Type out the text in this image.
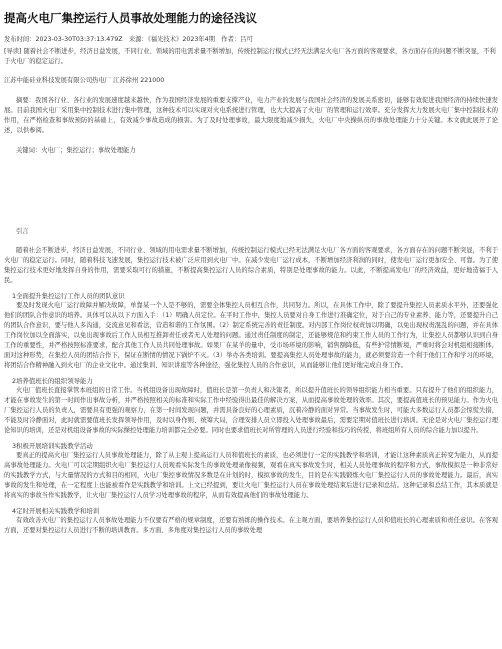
提高火电厂集控运行人员事故处理能力的途径浅议
发布时间：2023-03-30T03:37:13.479Z　来源：《福光技术》2023年4期　作者：吕可
[导读] 随着社会不断进步，经济日益发展，不同行业、领域的用电需求量不断增加，传统控制运行模式已经无法满足火电厂各方面的客观要求，各方面存在的问题不断突显，不利于火电厂的稳定运行。
江苏中能硅业科技发展有限公司热电厂 江苏徐州 221000

摘要：我国各行业、各行业的发展速度越来越快，作为我国经济发展的重要支撑产业，电力产业的发展与我国社会经济的发展关系密切，能够有效促进我国经济的持续快速发展。目前我国火电厂采用集中控制技术进行集中管理，这种技术可以实现对火电系统进行管理，也大大提高了火电厂的管理和运行效率。充分发挥大力发展火电厂集中控制技术的作用，在严格检查和事故预防的基础上，有效减少事故造成的损害。为了及时处理事故，最大限度地减少损失，火电厂中央操纵员的事故处理能力十分关键。本文就此展开了论述，以供参阅。

关键词：火电厂；集控运行；事故处理能力

引言

随着社会不断进步，经济日益发展，不同行业、领域的用电需求量不断增加，传统控制运行模式已经无法满足火电厂各方面的客观要求，各方面存在的问题不断突显，不利于火电厂的稳定运行。同时，随着科技飞速发展，集控运行技术被广泛应用到火电厂中。在减少发电厂运行成本，不断增加经济利润的同时，使发电厂运行更加安全、可靠。为了使集控运行技术更好地发挥自身的作用，需要采取可行的措施，不断提高集控运行人员的综合素质，特别是处理事故的能力。以此，不断提高发电厂的经济效益，更好地造福于人民。

1全面提升集控运行工作人员的团队意识

要及时发现火电厂运行故障并解决故障，单靠某一个人是不够的，需要全体集控人员相互合作，共同努力。所以，在具体工作中，除了要提升集控人员素质水平外，还要强化他们的团队合作意识的培养。具体可以从以下方面入手：（1）明确人员定位。在平时工作中，集控人员要对自身工作进行准确定位，对于自己的专业素养、能力等，还要提升自己的团队合作意识，要与他人多沟通，交流意见和看法，营造和谐的工作氛围。（2）制定系统完善的责任制度。对内部工作岗位权责加以明确，以免出现权责混乱的问题，并在具体工作岗位加以全面落实，以免出现事故后工作人员相互推卸责任或者无人处理的问题。通过责任制度的制定，还能够规范和约束工作人员的工作行为，让集控人员都够认识到自身工作的重要性，并严格按照标准要求，配合其他工作人员共同处理事故。如果厂在某羊的量中，受市场环境的影响，销售额降低，有些护常情断境，严重时将会对机组相接断体，面对这种形势，在集控人员的团结合作下，保证在断情的情况下锅炉不灭。（3）举办各类培训。要提高集控人员处理事故的能力，就必须要营造一个利于他们工作和学习的环境，将团结合作精神融入到火电厂的企业文化中。通过集训、知识讲座等各种途径，强化集控人员的合作意识，从而能够让他们更好地完成自身工作。

2培养值班长的组织领导能力

火电厂值班长直接掌管本班组的日常工作。当机组设备出现故障时，值班长是第一负责人和决策者，所以提升值班长的领导组织能力相当重要。只有提升了他们的组织能力，才能在事故发生的第一时间作出事故分析，并严格按照相关的标准和实际工作中经验得出最佳的解决方案，从而提高事故处理的效率。其次，要提高值班长的预见能力。作为火电厂集控运行人员的负责人，需要具有更强的观察力，在第一时间发现问题，并需具备良好的心理素质，沉着冷静的面对异常。当事故发生时，可能大多数运行人员都会惊慌失措，不能及时冷静面对，此时就需要值班长发挥领导作用，及时以身作则、统筹大局，合理安排人员立即投入处理事故最后，需要定期对值班长进行培训。无论是对火电厂集控运行理论知识的培训，还是对机组设备事故的实际操控处理能力培训都完全必要。同时也要求值班长对所管理的人员进行经验和技巧的传授，将班组所有人员的综合能力加以提升。

3积极开展培训实践教学活动

要真正的提高火电厂集控运行人员事故处理能力，除了从主观上提高运行人员和值班长的素质，也必须进行一定的实践教学和培训，才能让这种素质真正转变为能力，从而提高事故处理能力。火电厂可以定期组织火电厂集控运行人员观看实际发生的事故处理录像视频，观看在真实事故发生时，相关人员处理事故的程序和方式，事故模拟是一种非常好的实践教学方式，与大量情况的方式和目的相同，火电厂集控事故情况多数是在计划的时，模拟事故的发生，目的是在实践锻炼火电厂集控运行人员的事故处理能力。最后，真实事故的发生和处理，在一定程度上也能被看作是实践教学和培训。上文已经提到，要让火电厂集控运行人员在事故处理结束后进行记录和总结。这种记录和总结工作，其本质就是将真实的事故当作实践教学，让火电厂集控运行人员学习处理事故的程序，从而有效提高他们的事故处理能力。

4定时开展相关实践教学和培训

有效改善火电厂的集控运行人员事故处理能力不仅要有严格的规章制度，还要有熟练的操作技术。在主观方面，要培养集控运行人员和值班长的心理素质和责任意识。在客观方面，还要对集控运行人员进行不断的培训教育。多方面、多角度对集控运行人员的事故处理
